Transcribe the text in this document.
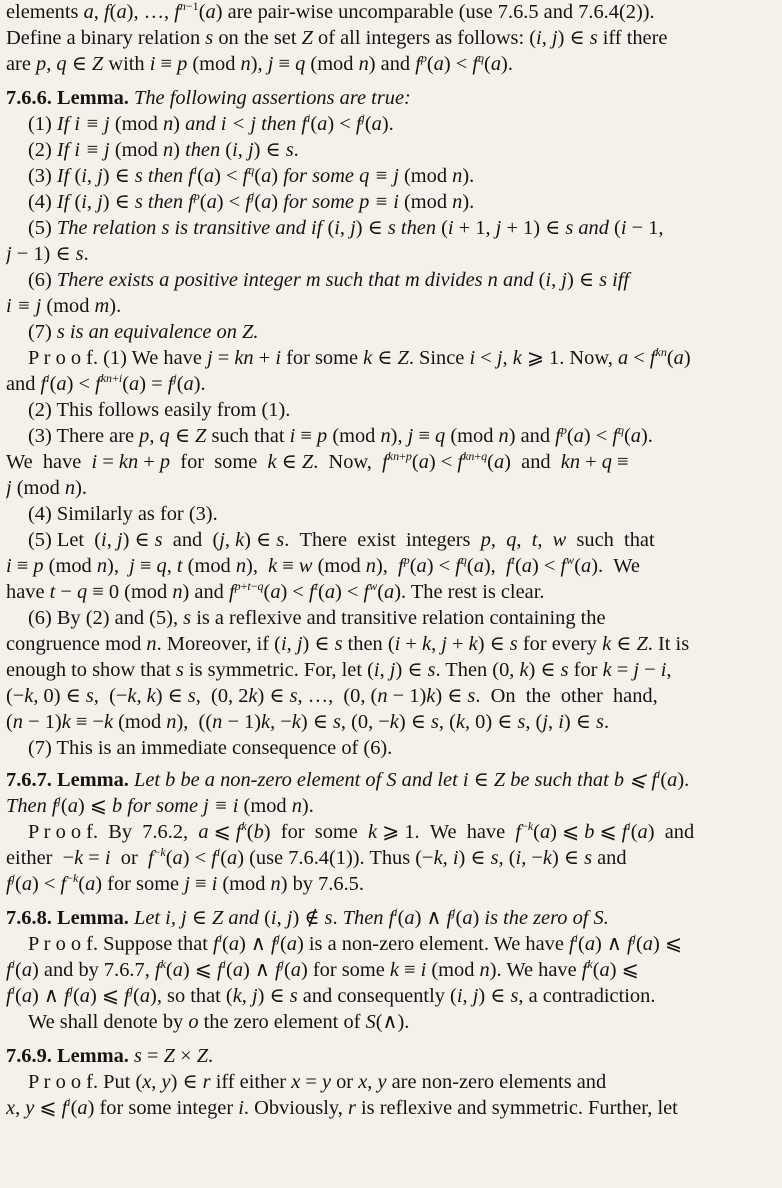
elements a, f(a), …, $f^{n-1}(a)$ are pair-wise uncomparable (use 7.6.5 and 7.6.4(2)).
Define a binary relation s on the set Z of all integers as follows: (i, j) ∈ s iff there
are p, q ∈ Z with i ≡ p (mod n), j ≡ q (mod n) and $f^p(a) < f^q(a)$.
7.6.6. Lemma. The following assertions are true:
(1) If i ≡ j (mod n) and i < j then $f^i(a) < f^j(a)$.
(2) If i ≡ j (mod n) then (i, j) ∈ s.
(3) If (i, j) ∈ s then $f^i(a) < f^q(a)$ for some q ≡ j (mod n).
(4) If (i, j) ∈ s then $f^p(a) < f^j(a)$ for some p ≡ i (mod n).
(5) The relation s is transitive and if (i, j) ∈ s then (i + 1, j + 1) ∈ s and (i − 1,
j − 1) ∈ s.
(6) There exists a positive integer m such that m divides n and (i, j) ∈ s iff
i ≡ j (mod m).
(7) s is an equivalence on Z.
P r o o f. (1) We have j = kn + i for some k ∈ Z. Since i < j, k ⩾ 1. Now, $a < f^{kn}(a)$
and $f^i(a) < f^{kn+i}(a) = f^j(a)$.
(2) This follows easily from (1).
(3) There are p, q ∈ Z such that i ≡ p (mod n), j ≡ q (mod n) and $f^p(a) < f^q(a)$.
We  have  i = kn + p  for  some  k ∈ Z.  Now,  $f^{kn+p}(a) < f^{kn+q}(a)$  and  kn + q ≡
j (mod n).
(4) Similarly as for (3).
(5) Let  (i, j) ∈ s  and  (j, k) ∈ s.  There  exist  integers  p,  q,  t,  w  such  that
i ≡ p (mod n),  j ≡ q, t (mod n),  k ≡ w (mod n),  $f^p(a) < f^q(a)$,  $f^t(a) < f^w(a)$.  We
have t − q ≡ 0 (mod n) and $f^{p+t-q}(a) < f^t(a) < f^w(a)$. The rest is clear.
(6) By (2) and (5), s is a reflexive and transitive relation containing the
congruence mod n. Moreover, if (i, j) ∈ s then (i + k, j + k) ∈ s for every k ∈ Z. It is
enough to show that s is symmetric. For, let (i, j) ∈ s. Then (0, k) ∈ s for k = j − i,
(−k, 0) ∈ s,  (−k, k) ∈ s,  (0, 2k) ∈ s, …,  (0, (n − 1)k) ∈ s.  On  the  other  hand,
(n − 1)k ≡ −k (mod n),  ((n − 1)k, −k) ∈ s, (0, −k) ∈ s, (k, 0) ∈ s, (j, i) ∈ s.
(7) This is an immediate consequence of (6).
7.6.7. Lemma. Let b be a non-zero element of S and let i ∈ Z be such that b ⩽ $f^i(a)$.
Then $f^j(a)$ ⩽ b for some j ≡ i (mod n).
P r o o f.  By  7.6.2,  a ⩽ $f^k(b)$  for  some  k ⩾ 1.  We  have  $f^{-k}(a)$ ⩽ b ⩽ $f^i(a)$  and
either  −k = i  or  $f^{-k}(a) < f^i(a)$ (use 7.6.4(1)). Thus (−k, i) ∈ s, (i, −k) ∈ s and
$f^j(a) < f^{-k}(a)$ for some j ≡ i (mod n) by 7.6.5.
7.6.8. Lemma. Let i, j ∈ Z and (i, j) ∉ s. Then $f^i(a)$ ∧ $f^j(a)$ is the zero of S.
P r o o f. Suppose that $f^i(a)$ ∧ $f^j(a)$ is a non-zero element. We have $f^i(a)$ ∧ $f^j(a)$ ⩽
$f^i(a)$ and by 7.6.7, $f^k(a)$ ⩽ $f^i(a)$ ∧ $f^j(a)$ for some k ≡ i (mod n). We have $f^k(a)$ ⩽
$f^i(a)$ ∧ $f^j(a)$ ⩽ $f^j(a)$, so that (k, j) ∈ s and consequently (i, j) ∈ s, a contradiction.
We shall denote by o the zero element of S(∧).
7.6.9. Lemma. s = Z × Z.
P r o o f. Put (x, y) ∈ r iff either x = y or x, y are non-zero elements and
x, y ⩽ $f^i(a)$ for some integer i. Obviously, r is reflexive and symmetric. Further, let
